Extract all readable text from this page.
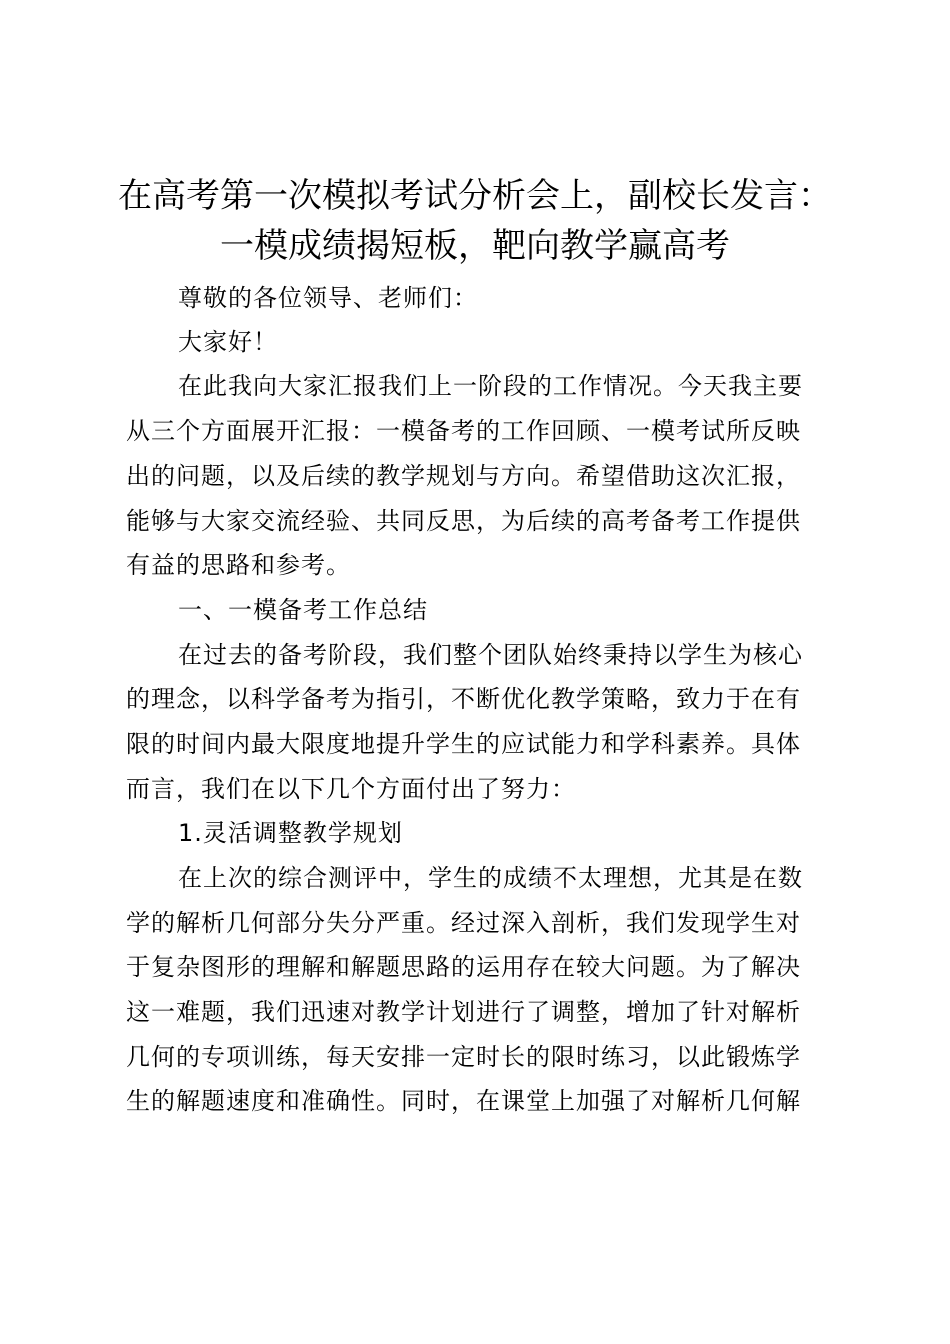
在高考第一次模拟考试分析会上，副校长发言：
一模成绩揭短板，靶向教学赢高考
尊敬的各位领导、老师们：
大家好！
在此我向大家汇报我们上一阶段的工作情况。今天我主要
从三个方面展开汇报：一模备考的工作回顾、一模考试所反映
出的问题，以及后续的教学规划与方向。希望借助这次汇报，
能够与大家交流经验、共同反思，为后续的高考备考工作提供
有益的思路和参考。
一、一模备考工作总结
在过去的备考阶段，我们整个团队始终秉持以学生为核心
的理念，以科学备考为指引，不断优化教学策略，致力于在有
限的时间内最大限度地提升学生的应试能力和学科素养。具体
而言，我们在以下几个方面付出了努力：
1.灵活调整教学规划
在上次的综合测评中，学生的成绩不太理想，尤其是在数
学的解析几何部分失分严重。经过深入剖析，我们发现学生对
于复杂图形的理解和解题思路的运用存在较大问题。为了解决
这一难题，我们迅速对教学计划进行了调整，增加了针对解析
几何的专项训练，每天安排一定时长的限时练习，以此锻炼学
生的解题速度和准确性。同时，在课堂上加强了对解析几何解
